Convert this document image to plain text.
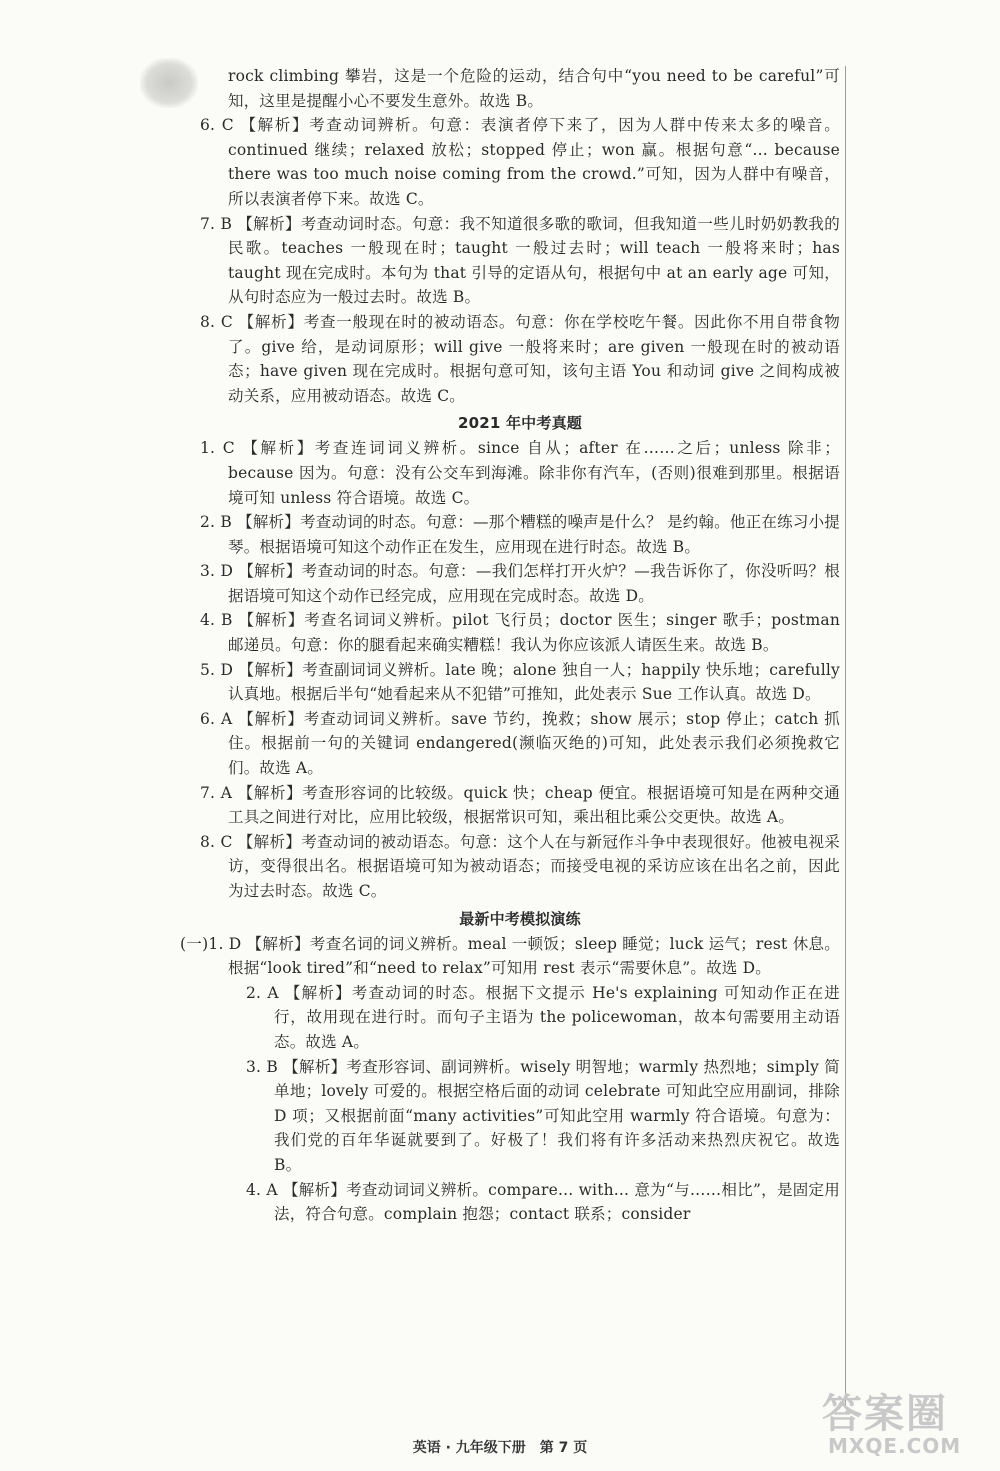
rock climbing 攀岩，这是一个危险的运动，结合句中“you need to be careful”可知，这里是提醒小心不要发生意外。故选 B。

6. C 【解析】考查动词辨析。句意：表演者停下来了，因为人群中传来太多的噪音。continued 继续；relaxed 放松；stopped 停止；won 赢。根据句意“... because there was too much noise coming from the crowd.”可知，因为人群中有噪音，所以表演者停下来。故选 C。

7. B 【解析】考查动词时态。句意：我不知道很多歌的歌词，但我知道一些儿时奶奶教我的民歌。teaches 一般现在时；taught 一般过去时；will teach 一般将来时；has taught 现在完成时。本句为 that 引导的定语从句，根据句中 at an early age 可知，从句时态应为一般过去时。故选 B。

8. C 【解析】考查一般现在时的被动语态。句意：你在学校吃午餐。因此你不用自带食物了。give 给，是动词原形；will give 一般将来时；are given 一般现在时的被动语态；have given 现在完成时。根据句意可知，该句主语 You 和动词 give 之间构成被动关系，应用被动语态。故选 C。

2021 年中考真题

1. C 【解析】考查连词词义辨析。since 自从；after 在……之后；unless 除非；because 因为。句意：没有公交车到海滩。除非你有汽车，(否则)很难到那里。根据语境可知 unless 符合语境。故选 C。

2. B 【解析】考查动词的时态。句意：—那个糟糕的噪声是什么？ 是约翰。他正在练习小提琴。根据语境可知这个动作正在发生，应用现在进行时态。故选 B。

3. D 【解析】考查动词的时态。句意：—我们怎样打开火炉？—我告诉你了，你没听吗？根据语境可知这个动作已经完成，应用现在完成时态。故选 D。

4. B 【解析】考查名词词义辨析。pilot 飞行员；doctor 医生；singer 歌手；postman 邮递员。句意：你的腿看起来确实糟糕！我认为你应该派人请医生来。故选 B。

5. D 【解析】考查副词词义辨析。late 晚；alone 独自一人；happily 快乐地；carefully 认真地。根据后半句“她看起来从不犯错”可推知，此处表示 Sue 工作认真。故选 D。

6. A 【解析】考查动词词义辨析。save 节约，挽救；show 展示；stop 停止；catch 抓住。根据前一句的关键词 endangered(濒临灭绝的)可知，此处表示我们必须挽救它们。故选 A。

7. A 【解析】考查形容词的比较级。quick 快；cheap 便宜。根据语境可知是在两种交通工具之间进行对比，应用比较级，根据常识可知，乘出租比乘公交更快。故选 A。

8. C 【解析】考查动词的被动语态。句意：这个人在与新冠作斗争中表现很好。他被电视采访，变得很出名。根据语境可知为被动语态；而接受电视的采访应该在出名之前，因此为过去时态。故选 C。

最新中考模拟演练

(一)1. D 【解析】考查名词的词义辨析。meal 一顿饭；sleep 睡觉；luck 运气；rest 休息。根据“look tired”和“need to relax”可知用 rest 表示“需要休息”。故选 D。

2. A 【解析】考查动词的时态。根据下文提示 He's explaining 可知动作正在进行，故用现在进行时。而句子主语为 the policewoman，故本句需要用主动语态。故选 A。

3. B 【解析】考查形容词、副词辨析。wisely 明智地；warmly 热烈地；simply 简单地；lovely 可爱的。根据空格后面的动词 celebrate 可知此空应用副词，排除 D 项；又根据前面“many activities”可知此空用 warmly 符合语境。句意为：我们党的百年华诞就要到了。好极了！我们将有许多活动来热烈庆祝它。故选 B。

4. A 【解析】考查动词词义辨析。compare... with... 意为“与……相比”，是固定用法，符合句意。complain 抱怨；contact 联系；consider

英语 · 九年级下册　第 7 页
答案圈
MXQE.COM
